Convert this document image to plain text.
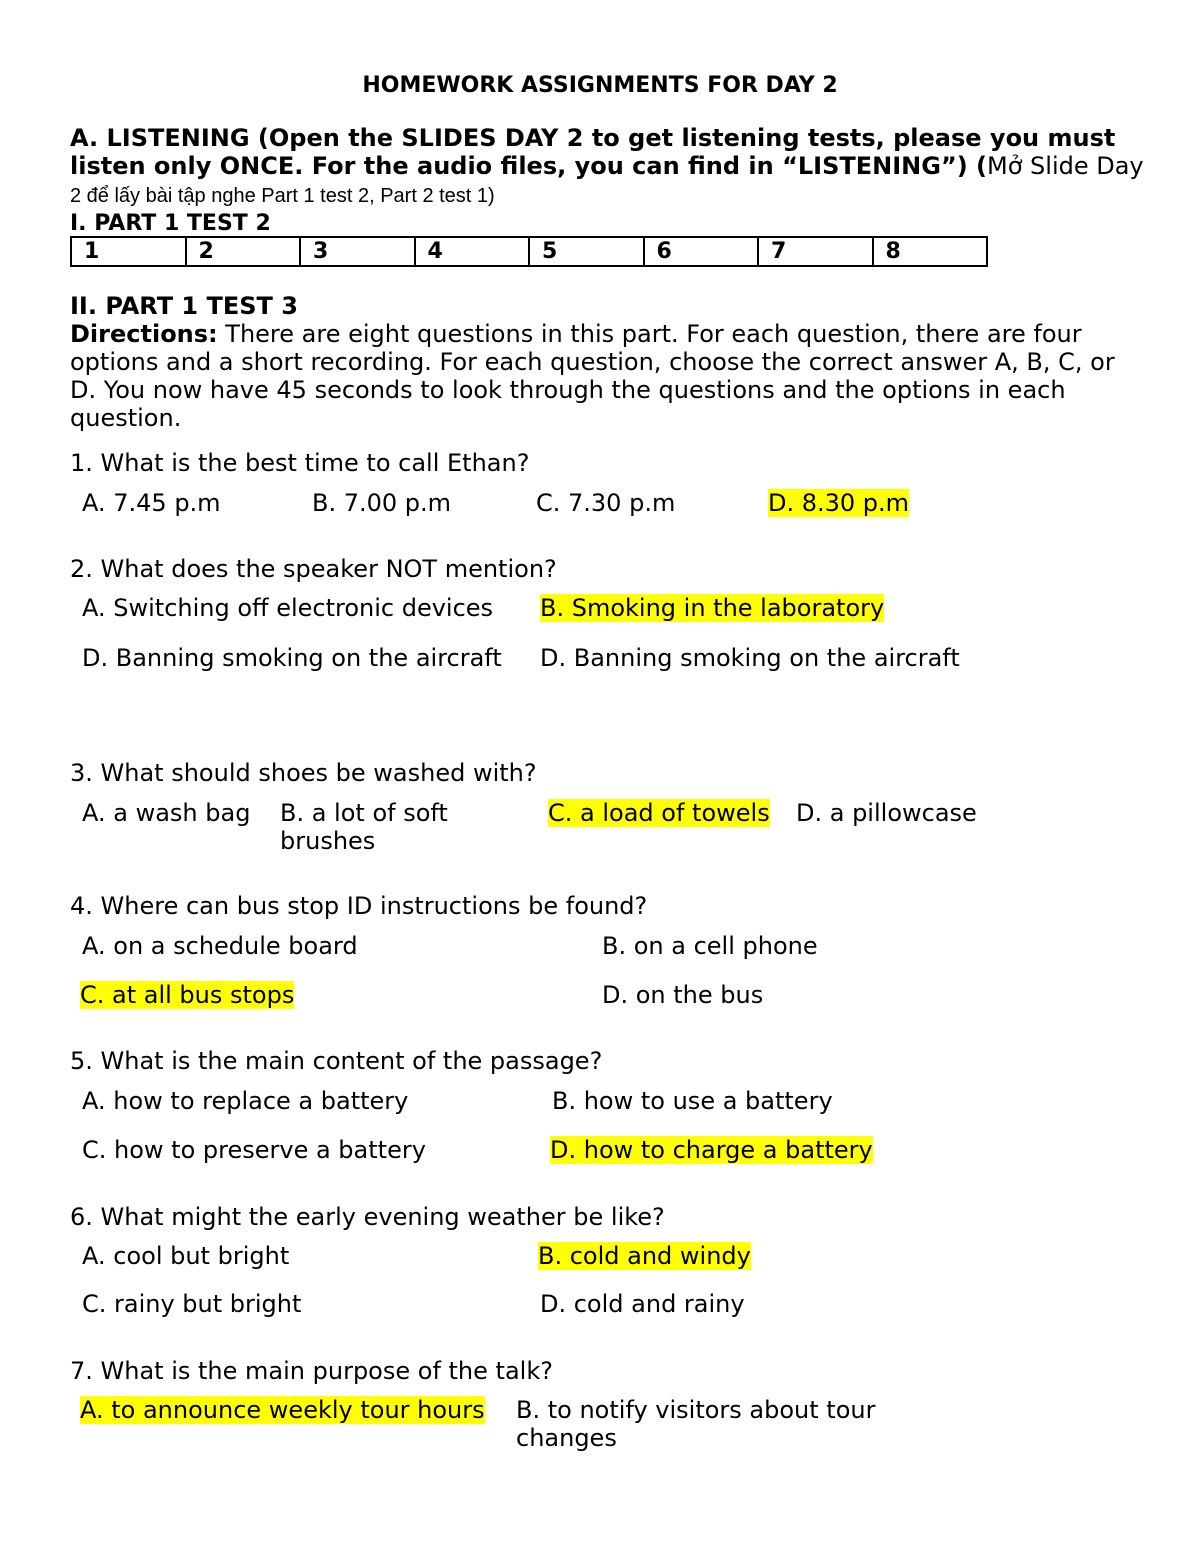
HOMEWORK ASSIGNMENTS FOR DAY 2
A. LISTENING (Open the SLIDES DAY 2 to get listening tests, please you must
listen only ONCE. For the audio files, you can find in “LISTENING”) (Mở Slide Day
2 để lấy bài tập nghe Part 1 test 2, Part 2 test 1)
I. PART 1 TEST 2
1	2	3	4	5	6	7	8
II. PART 1 TEST 3
Directions: There are eight questions in this part. For each question, there are four
options and a short recording. For each question, choose the correct answer A, B, C, or
D. You now have 45 seconds to look through the questions and the options in each
question.
1. What is the best time to call Ethan?
A. 7.45 p.m	B. 7.00 p.m	C. 7.30 p.m	D. 8.30 p.m
2. What does the speaker NOT mention?
A. Switching off electronic devices B. Smoking in the laboratory
D. Banning smoking on the aircraft D. Banning smoking on the aircraft
3. What should shoes be washed with?
A. a wash bag B. a lot of soft
brushes
C. a load of towels D. a pillowcase
4. Where can bus stop ID instructions be found?
A. on a schedule board	B. on a cell phone
C. at all bus stops	D. on the bus
5. What is the main content of the passage?
A. how to replace a battery	B. how to use a battery
C. how to preserve a battery	D. how to charge a battery
6. What might the early evening weather be like?
A. cool but bright	B. cold and windy
C. rainy but bright	D. cold and rainy
7. What is the main purpose of the talk?
A. to announce weekly tour hours B. to notify visitors about tour
changes
